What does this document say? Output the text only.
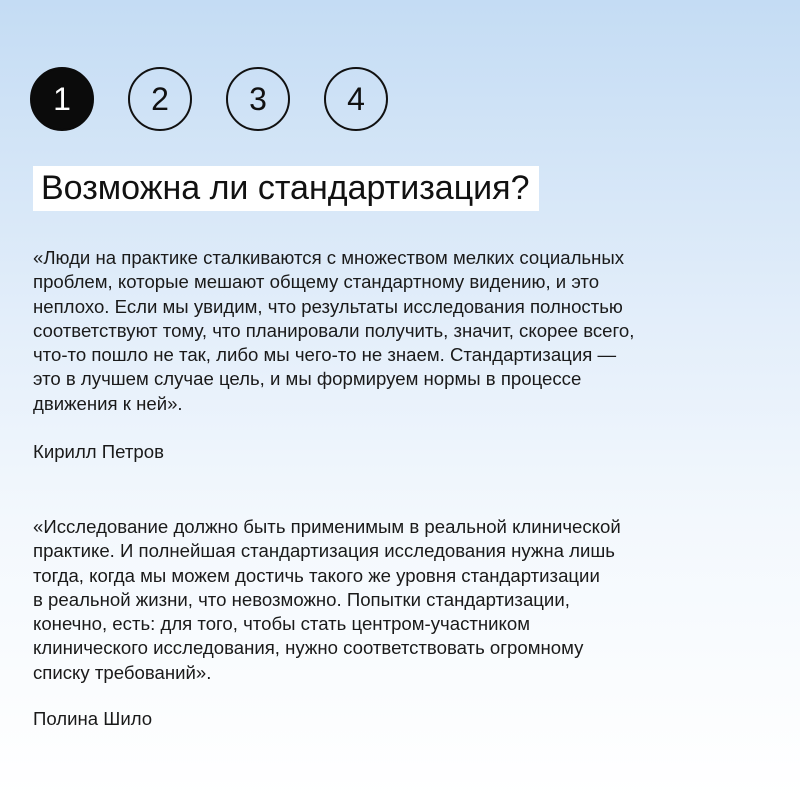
1	2	3	4
Возможна ли стандартизация?
«Люди на практике сталкиваются с множеством мелких социальных
проблем, которые мешают общему стандартному видению, и это
неплохо. Если мы увидим, что результаты исследования полностью
соответствуют тому, что планировали получить, значит, скорее всего,
что-то пошло не так, либо мы чего-то не знаем. Стандартизация —
это в лучшем случае цель, и мы формируем нормы в процессе
движения к ней».
Кирилл Петров
«Исследование должно быть применимым в реальной клинической
практике. И полнейшая стандартизация исследования нужна лишь
тогда, когда мы можем достичь такого же уровня стандартизации
в реальной жизни, что невозможно. Попытки стандартизации,
конечно, есть: для того, чтобы стать центром-участником
клинического исследования, нужно соответствовать огромному
списку требований».
Полина Шило
